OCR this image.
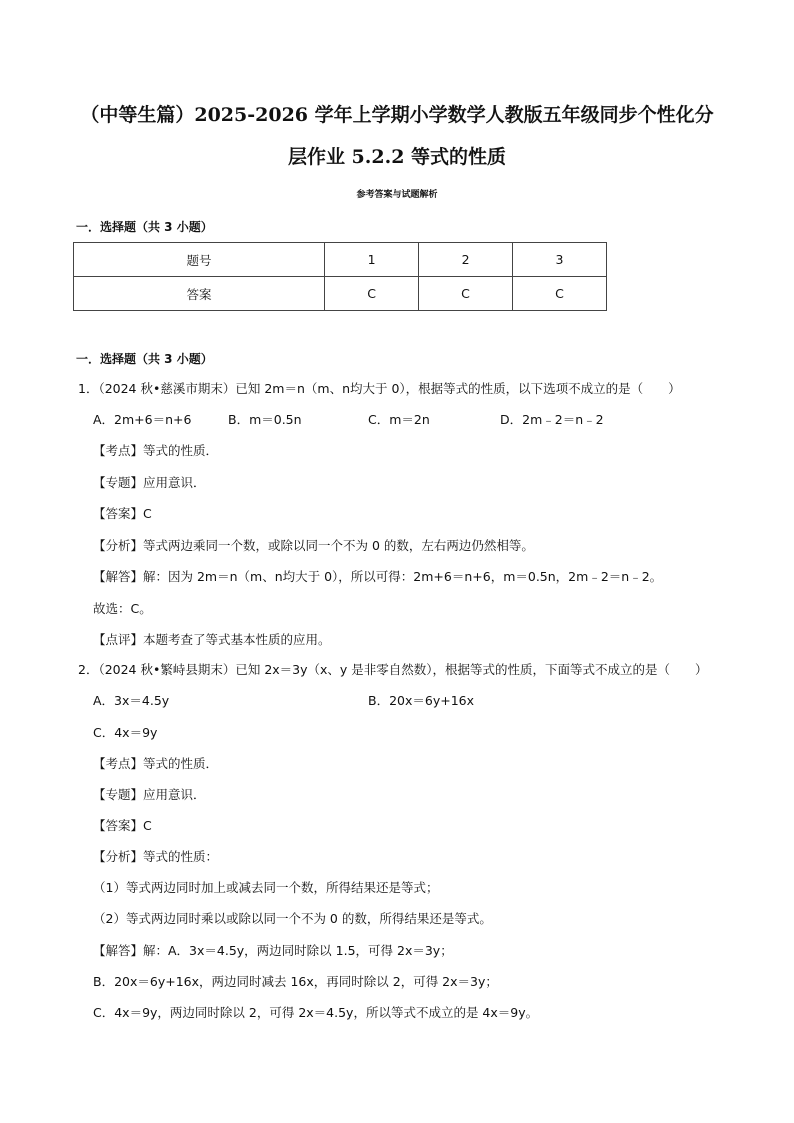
（中等生篇）2025-2026 学年上学期小学数学人教版五年级同步个性化分
层作业 5.2.2 等式的性质
参考答案与试题解析
一．选择题（共 3 小题）
题号	1	2	3
答案	C	C	C
一．选择题（共 3 小题）
1．（2024 秋•慈溪市期末）已知 2m＝n（m、n均大于 0），根据等式的性质，以下选项不成立的是（　　）
A．2m+6＝n+6	B．m＝0.5n	C．m＝2n	D．2m﹣2＝n﹣2
【考点】等式的性质．
【专题】应用意识．
【答案】C
【分析】等式两边乘同一个数，或除以同一个不为 0 的数，左右两边仍然相等。
【解答】解：因为 2m＝n（m、n均大于 0），所以可得：2m+6＝n+6，m＝0.5n，2m﹣2＝n﹣2。
故选：C。
【点评】本题考查了等式基本性质的应用。
2．（2024 秋•繁峙县期末）已知 2x＝3y（x、y 是非零自然数），根据等式的性质，下面等式不成立的是（　　）
A．3x＝4.5y	B．20x＝6y+16x
C．4x＝9y
【考点】等式的性质．
【专题】应用意识．
【答案】C
【分析】等式的性质：
（1）等式两边同时加上或减去同一个数，所得结果还是等式；
（2）等式两边同时乘以或除以同一个不为 0 的数，所得结果还是等式。
【解答】解：A．3x＝4.5y，两边同时除以 1.5，可得 2x＝3y；
B．20x＝6y+16x，两边同时减去 16x，再同时除以 2，可得 2x＝3y；
C．4x＝9y，两边同时除以 2，可得 2x＝4.5y，所以等式不成立的是 4x＝9y。
